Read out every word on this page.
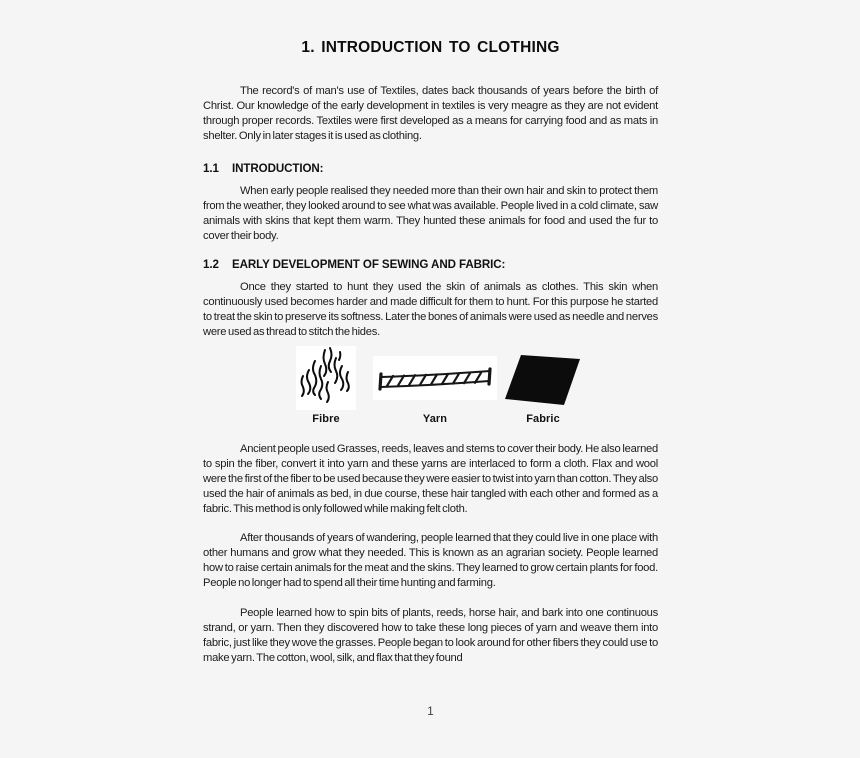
1. INTRODUCTION TO CLOTHING

The record's of man's use of Textiles, dates back thousands of years before the birth of Christ. Our knowledge of the early development in textiles is very meagre as they are not evident through proper records. Textiles were first developed as a means for carrying food and as mats in shelter. Only in later stages it is used as clothing.

1.1 INTRODUCTION:

When early people realised they needed more than their own hair and skin to protect them from the weather, they looked around to see what was available. People lived in a cold climate, saw animals with skins that kept them warm. They hunted these animals for food and used the fur to cover their body.

1.2 EARLY DEVELOPMENT OF SEWING AND FABRIC:

Once they started to hunt they used the skin of animals as clothes. This skin when continuously used becomes harder and made difficult for them to hunt. For this purpose he started to treat the skin to preserve its softness. Later the bones of animals were used as needle and nerves were used as thread to stitch the hides.

Fibre	Yarn	Fabric

Ancient people used Grasses, reeds, leaves and stems to cover their body. He also learned to spin the fiber, convert it into yarn and these yarns are interlaced to form a cloth. Flax and wool were the first of the fiber to be used because they were easier to twist into yarn than cotton. They also used the hair of animals as bed, in due course, these hair tangled with each other and formed as a fabric. This method is only followed while making felt cloth.

After thousands of years of wandering, people learned that they could live in one place with other humans and grow what they needed. This is known as an agrarian society. People learned how to raise certain animals for the meat and the skins. They learned to grow certain plants for food. People no longer had to spend all their time hunting and farming.

People learned how to spin bits of plants, reeds, horse hair, and bark into one continuous strand, or yarn. Then they discovered how to take these long pieces of yarn and weave them into fabric, just like they wove the grasses. People began to look around for other fibers they could use to make yarn. The cotton, wool, silk, and flax that they found

1
